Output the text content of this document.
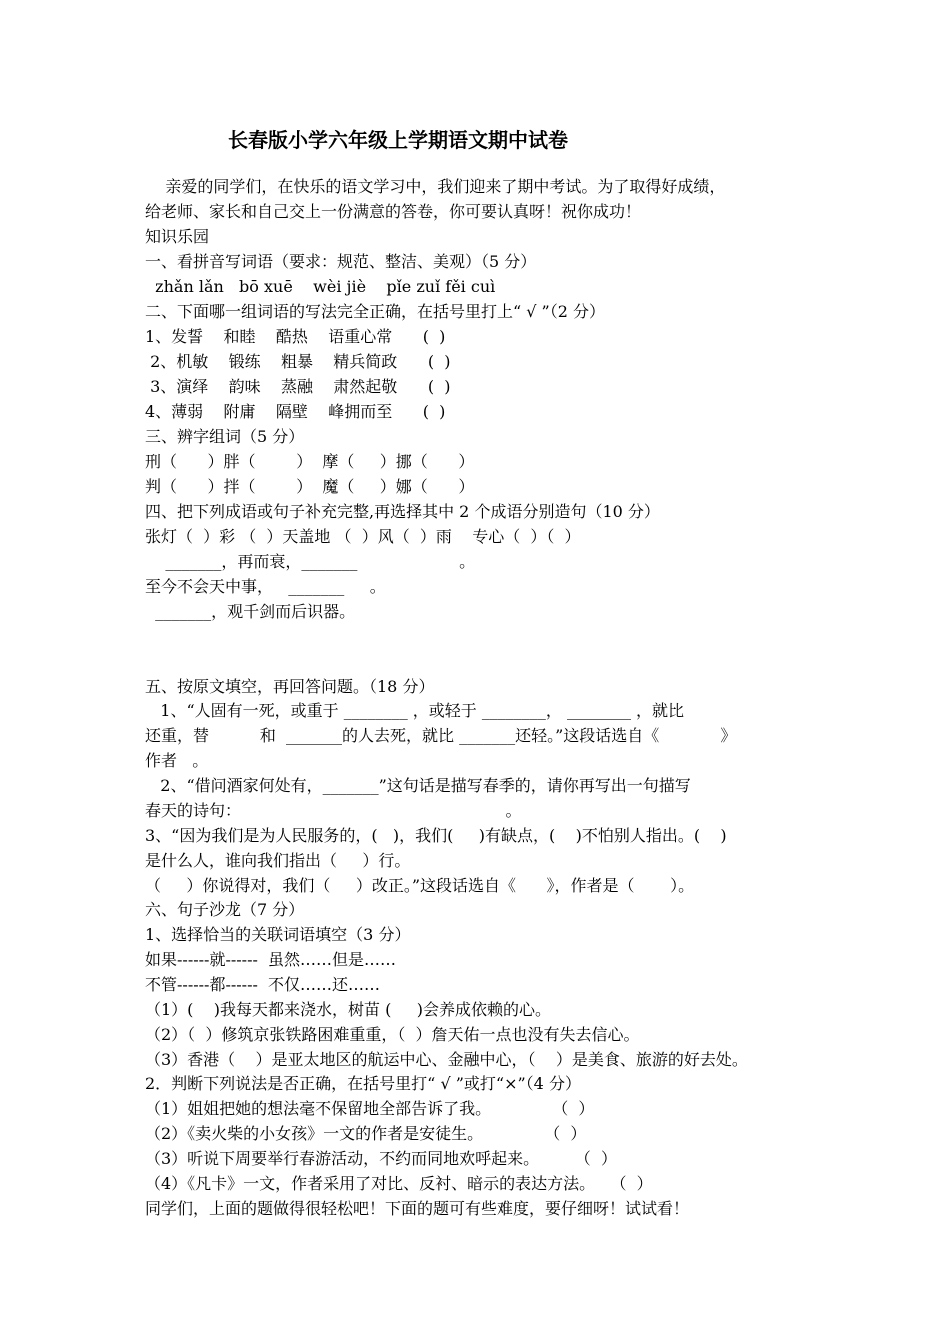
长春版小学六年级上学期语文期中试卷
亲爱的同学们，在快乐的语文学习中，我们迎来了期中考试。为了取得好成绩，
给老师、家长和自己交上一份满意的答卷，你可要认真呀！祝你成功！
知识乐园
一、看拼音写词语（要求：规范、整洁、美观）（5 分）
zhǎn lǎn   bō xuē    wèi jiè    pǐe zuǐ fěi cuì
二、下面哪一组词语的写法完全正确，在括号里打上“ √ ”（2 分）
1、发誓    和睦    酷热    语重心常      (  )
2、机敏    锻练    粗暴    精兵简政      (  )
3、演绎    韵味    蒸融    肃然起敬      (  )
4、薄弱    附庸    隔壁    峰拥而至      (  )
三、辨字组词（5 分）
刑（      ）胖（        ）  摩（     ）挪（      ）
判（      ）拌（        ）  魔（     ）娜（      ）
四、把下列成语或句子补充完整,再选择其中 2 个成语分别造句（10 分）
张灯（  ）彩 （  ）天盖地 （  ）风（  ）雨    专心（  ）（  ）
_______，再而衰，_______                    。
至今不会天中事，   _______     。
_______，观千剑而后识器。
五、按原文填空，再回答问题。（18 分）
1、“人固有一死，或重于 ________ ，或轻于 ________， ________ ，就比
还重，替          和  _______的人去死，就比 _______还轻。”这段话选自《            》
作者   。
2、“借问酒家何处有，_______”这句话是描写春季的，请你再写出一句描写
春天的诗句：                                                    。
3、“因为我们是为人民服务的，(   )，我们(     )有缺点，(    )不怕别人指出。(    )
是什么人，谁向我们指出（     ）行。
（     ）你说得对，我们（     ）改正。”这段话选自《      》，作者是（       ）。
六、句子沙龙（7 分）
1、选择恰当的关联词语填空（3 分）
如果------就------  虽然……但是……
不管------都------  不仅……还……
（1）(    )我每天都来浇水，树苗 (     )会养成依赖的心。
（2）（  ）修筑京张铁路困难重重，（  ）詹天佑一点也没有失去信心。
（3）香港（    ）是亚太地区的航运中心、金融中心，（    ）是美食、旅游的好去处。
2．判断下列说法是否正确，在括号里打“ √ ”或打“×”（4 分）
（1）姐姐把她的想法毫不保留地全部告诉了我。            （  ）
（2）《卖火柴的小女孩》一文的作者是安徒生。            （  ）
（3）听说下周要举行春游活动，不约而同地欢呼起来。       （  ）
（4）《凡卡》一文，作者采用了对比、反衬、暗示的表达方法。   （  ）
同学们，上面的题做得很轻松吧！下面的题可有些难度，要仔细呀！试试看！
